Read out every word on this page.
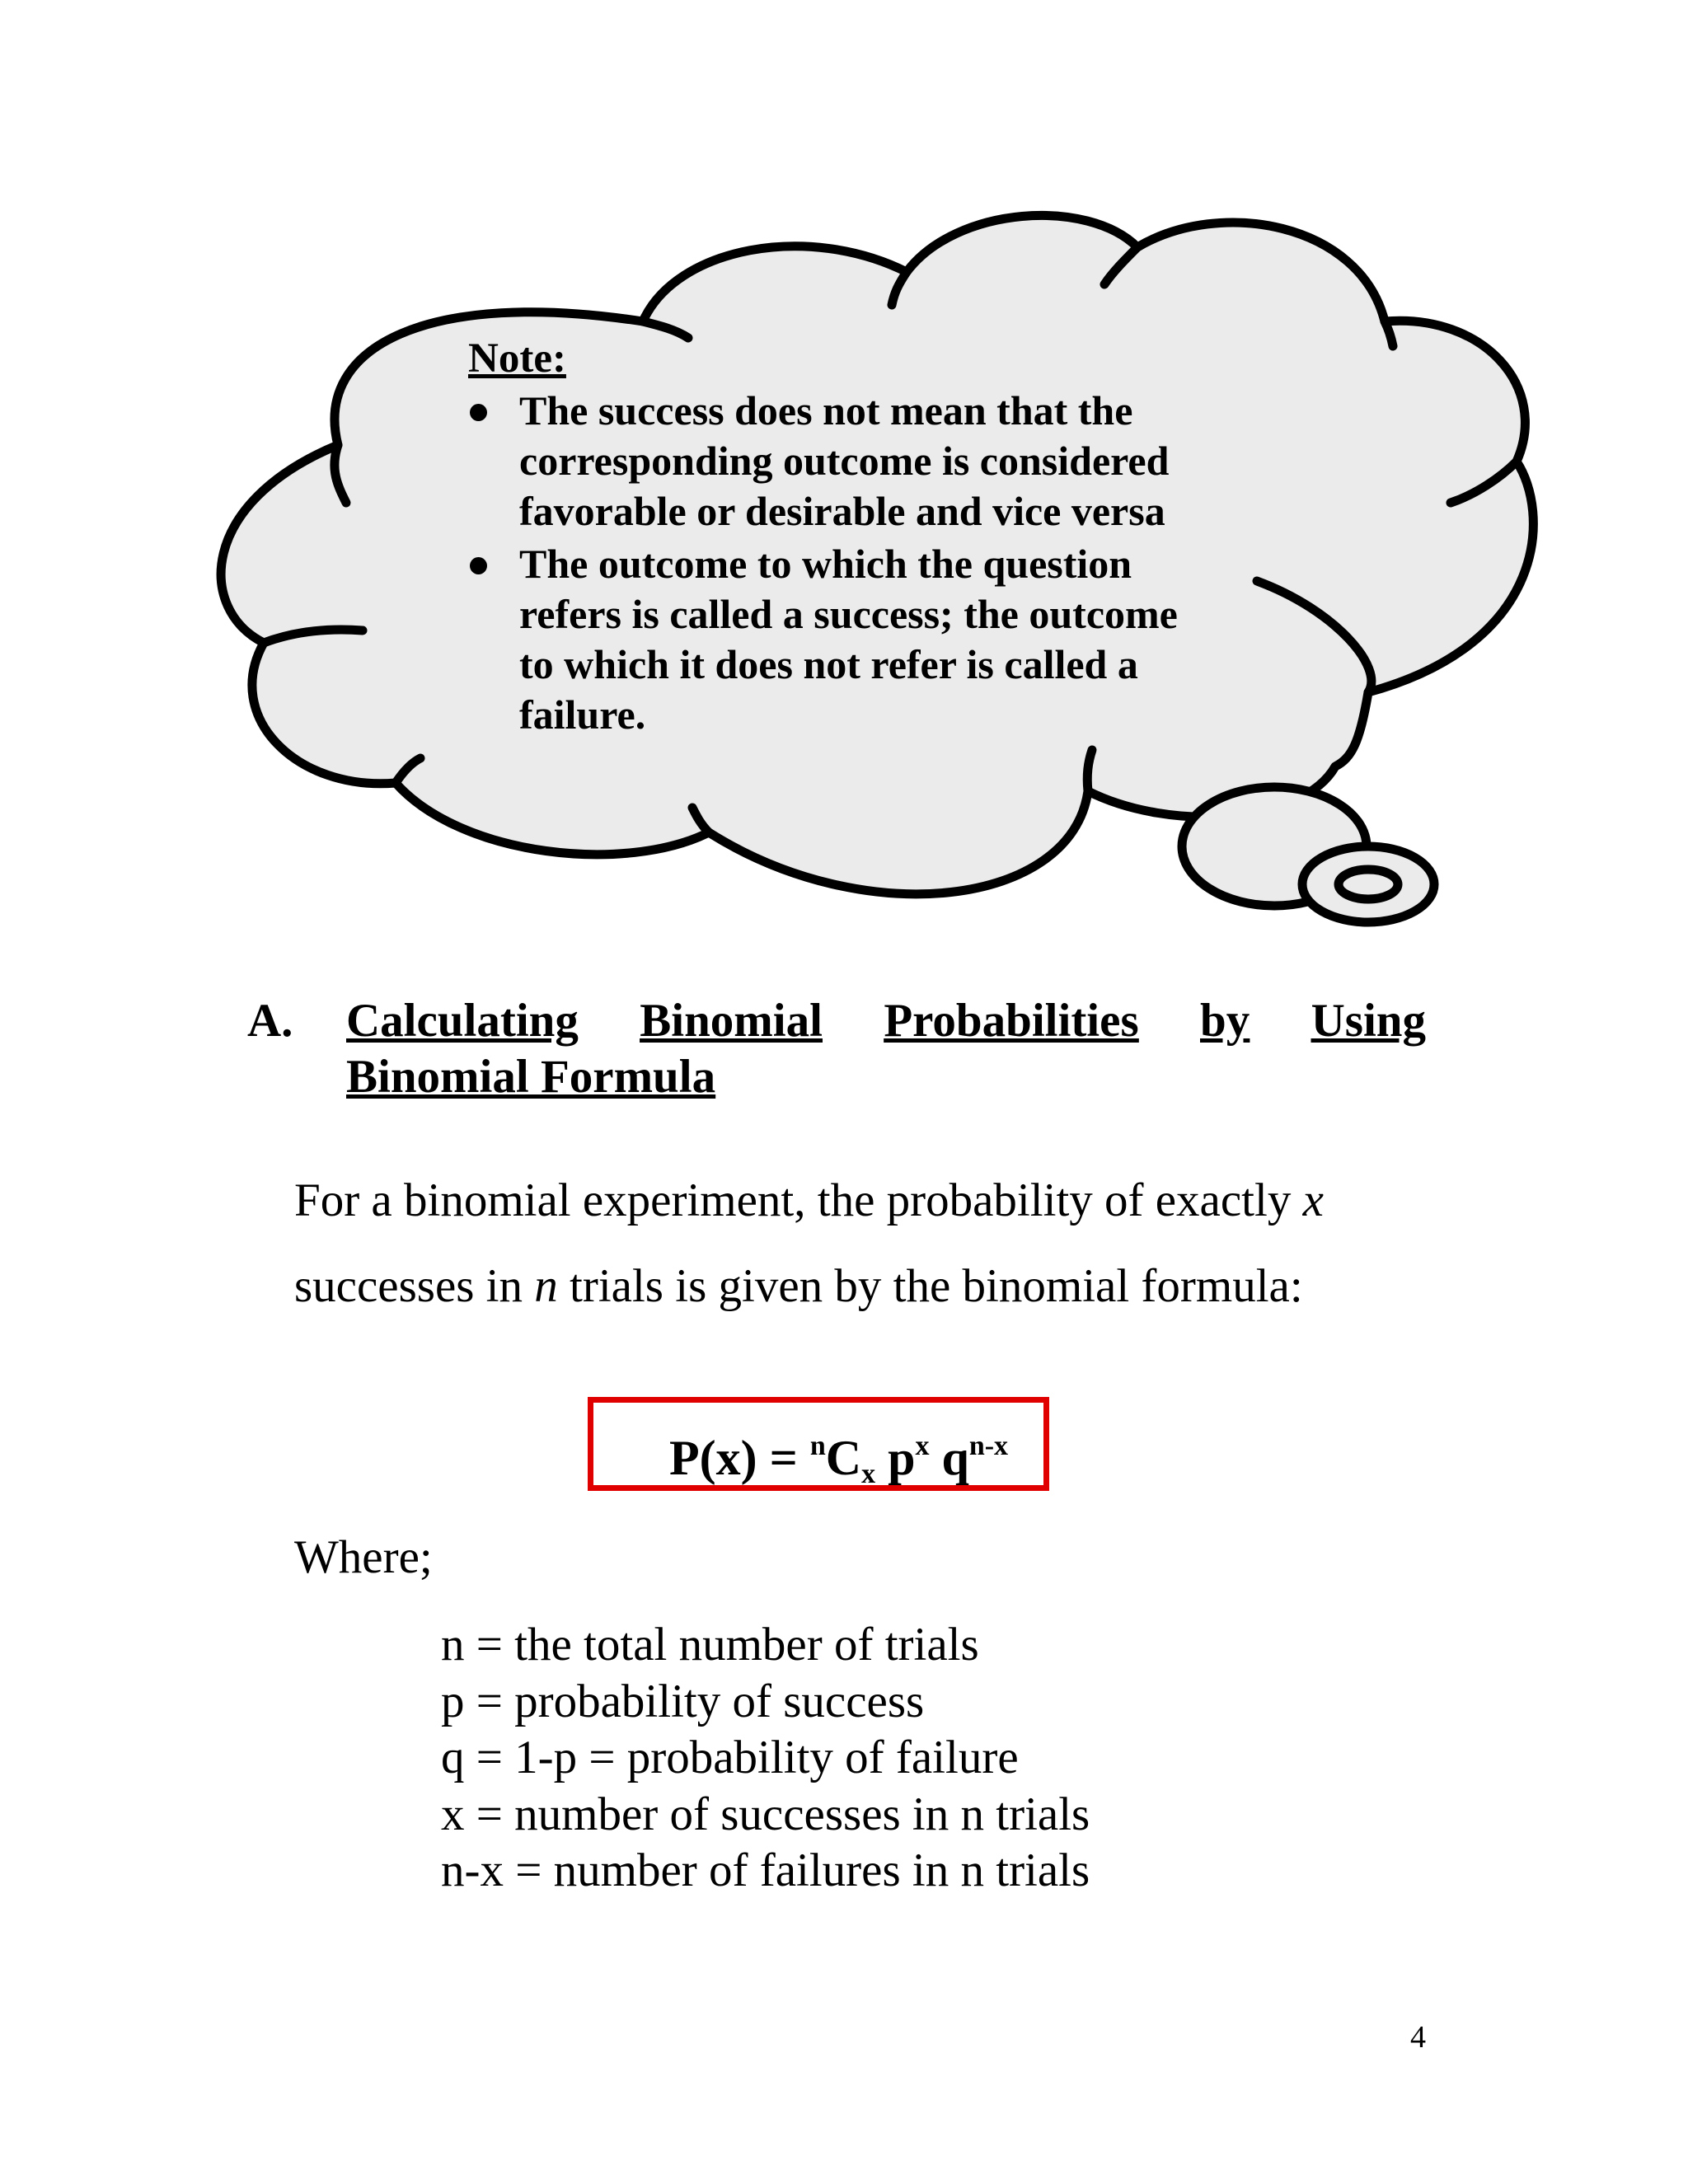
Note:

The success does not mean that the
corresponding outcome is considered
favorable or desirable and vice versa
The outcome to which the question
refers is called a success; the outcome
to which it does not refer is called a
failure.
A. Calculating Binomial Probabilities by Using
Binomial Formula

For a binomial experiment, the probability of exactly x
successes in n trials is given by the binomial formula:

$P(x) = ^nC_x$ $p^x$ $q^{n-x}$

Where;

n = the total number of trials
p = probability of success
q = 1-p = probability of failure
x = number of successes in n trials
n-x = number of failures in n trials
4
